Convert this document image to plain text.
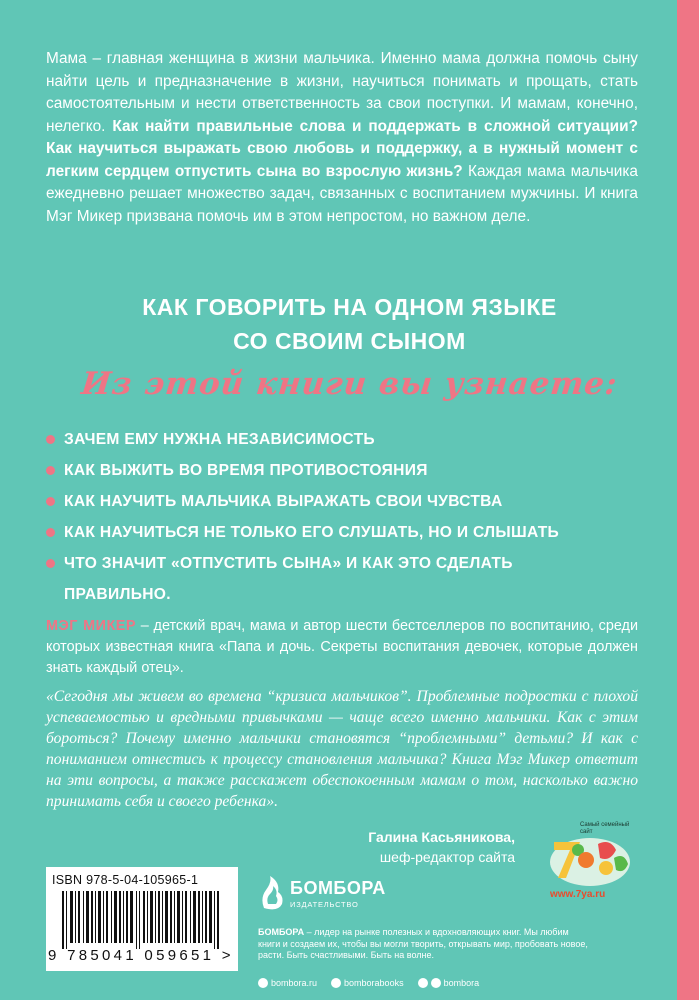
Мама – главная женщина в жизни мальчика. Именно мама должна помочь сыну найти цель и предназначение в жизни, научиться понимать и прощать, стать самостоятельным и нести ответственность за свои поступки. И мамам, конечно, нелегко. Как найти правильные слова и поддержать в сложной ситуации? Как научиться выражать свою любовь и поддержку, а в нужный момент с легким сердцем отпустить сына во взрослую жизнь? Каждая мама мальчика ежедневно решает множество задач, связанных с воспитанием мужчины. И книга Мэг Микер призвана помочь им в этом непростом, но важном деле.
КАК ГОВОРИТЬ НА ОДНОМ ЯЗЫКЕ
СО СВОИМ СЫНОМ
Из этой книги вы узнаете:
ЗАЧЕМ ЕМУ НУЖНА НЕЗАВИСИМОСТЬ
КАК ВЫЖИТЬ ВО ВРЕМЯ ПРОТИВОСТОЯНИЯ
КАК НАУЧИТЬ МАЛЬЧИКА ВЫРАЖАТЬ СВОИ ЧУВСТВА
КАК НАУЧИТЬСЯ НЕ ТОЛЬКО ЕГО СЛУШАТЬ, НО И СЛЫШАТЬ
ЧТО ЗНАЧИТ «ОТПУСТИТЬ СЫНА» И КАК ЭТО СДЕЛАТЬ
ПРАВИЛЬНО.
МЭГ МИКЕР – детский врач, мама и автор шести бестселлеров по воспитанию, среди которых известная книга «Папа и дочь. Секреты воспитания девочек, которые должен знать каждый отец».
«Сегодня мы живем во времена “кризиса мальчиков”. Проблемные подростки с плохой успеваемостью и вредными привычками — чаще всего именно мальчики. Как с этим бороться? Почему именно мальчики становятся “проблемными” детьми? И как с пониманием отнестись к процессу становления мальчика? Книга Мэг Микер ответит на эти вопросы, а также расскажет обеспокоенным мамам о том, насколько важно принимать себя и своего ребенка».
Галина Касьяникова,
шеф-редактор сайта
Самый семейный сайт
www.7ya.ru
ISBN 978-5-04-105965-1
9 785041 059651 >
БОМБОРА
ИЗДАТЕЛЬСТВО
БОМБОРА – лидер на рынке полезных и вдохновляющих книг. Мы любим книги и создаем их, чтобы вы могли творить, открывать мир, пробовать новое, расти. Быть счастливыми. Быть на волне.
bombora.ru	bomborabooks	bombora
